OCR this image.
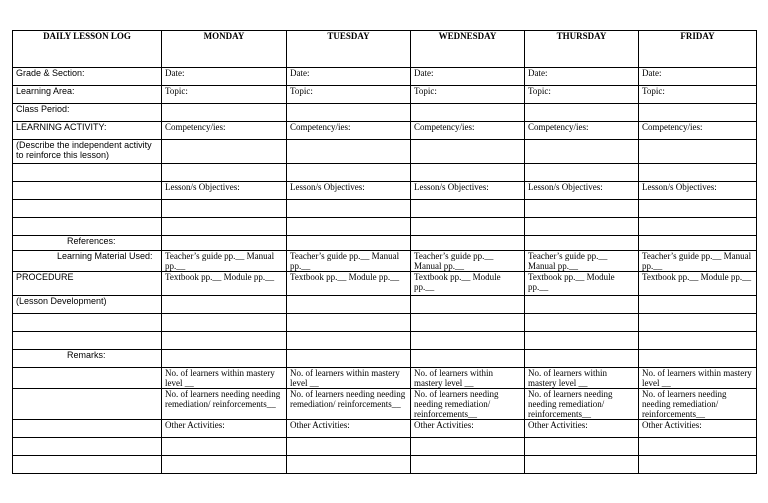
DAILY LESSON LOG	MONDAY	TUESDAY	WEDNESDAY	THURSDAY	FRIDAY
Grade & Section:	Date:	Date:	Date:	Date:	Date:
Learning Area:	Topic:	Topic:	Topic:	Topic:	Topic:
Class Period:					
LEARNING ACTIVITY:	Competency/ies:	Competency/ies:	Competency/ies:	Competency/ies:	Competency/ies:
(Describe the independent activity to reinforce this lesson)					

	Lesson/s Objectives:	Lesson/s Objectives:	Lesson/s Objectives:	Lesson/s Objectives:	Lesson/s Objectives:

References:					
Learning Material Used:	Teacher’s guide pp.__ Manual pp.__	Teacher’s guide pp.__ Manual pp.__	Teacher’s guide pp.__ Manual pp.__	Teacher’s guide pp.__ Manual pp.__	Teacher’s guide pp.__ Manual pp.__
PROCEDURE	Textbook pp.__ Module pp.__	Textbook pp.__ Module pp.__	Textbook pp.__ Module pp.__	Textbook pp.__ Module pp.__	Textbook pp.__ Module pp.__
(Lesson Development)					

Remarks:					
	No. of learners within mastery level __	No. of learners within mastery level __	No. of learners within mastery level __	No. of learners within mastery level __	No. of learners within mastery level __
	No. of learners needing needing remediation/ reinforcements__	No. of learners needing needing remediation/ reinforcements__	No. of learners needing needing remediation/ reinforcements__	No. of learners needing needing remediation/ reinforcements__	No. of learners needing needing remediation/ reinforcements__
	Other Activities:	Other Activities:	Other Activities:	Other Activities:	Other Activities:
